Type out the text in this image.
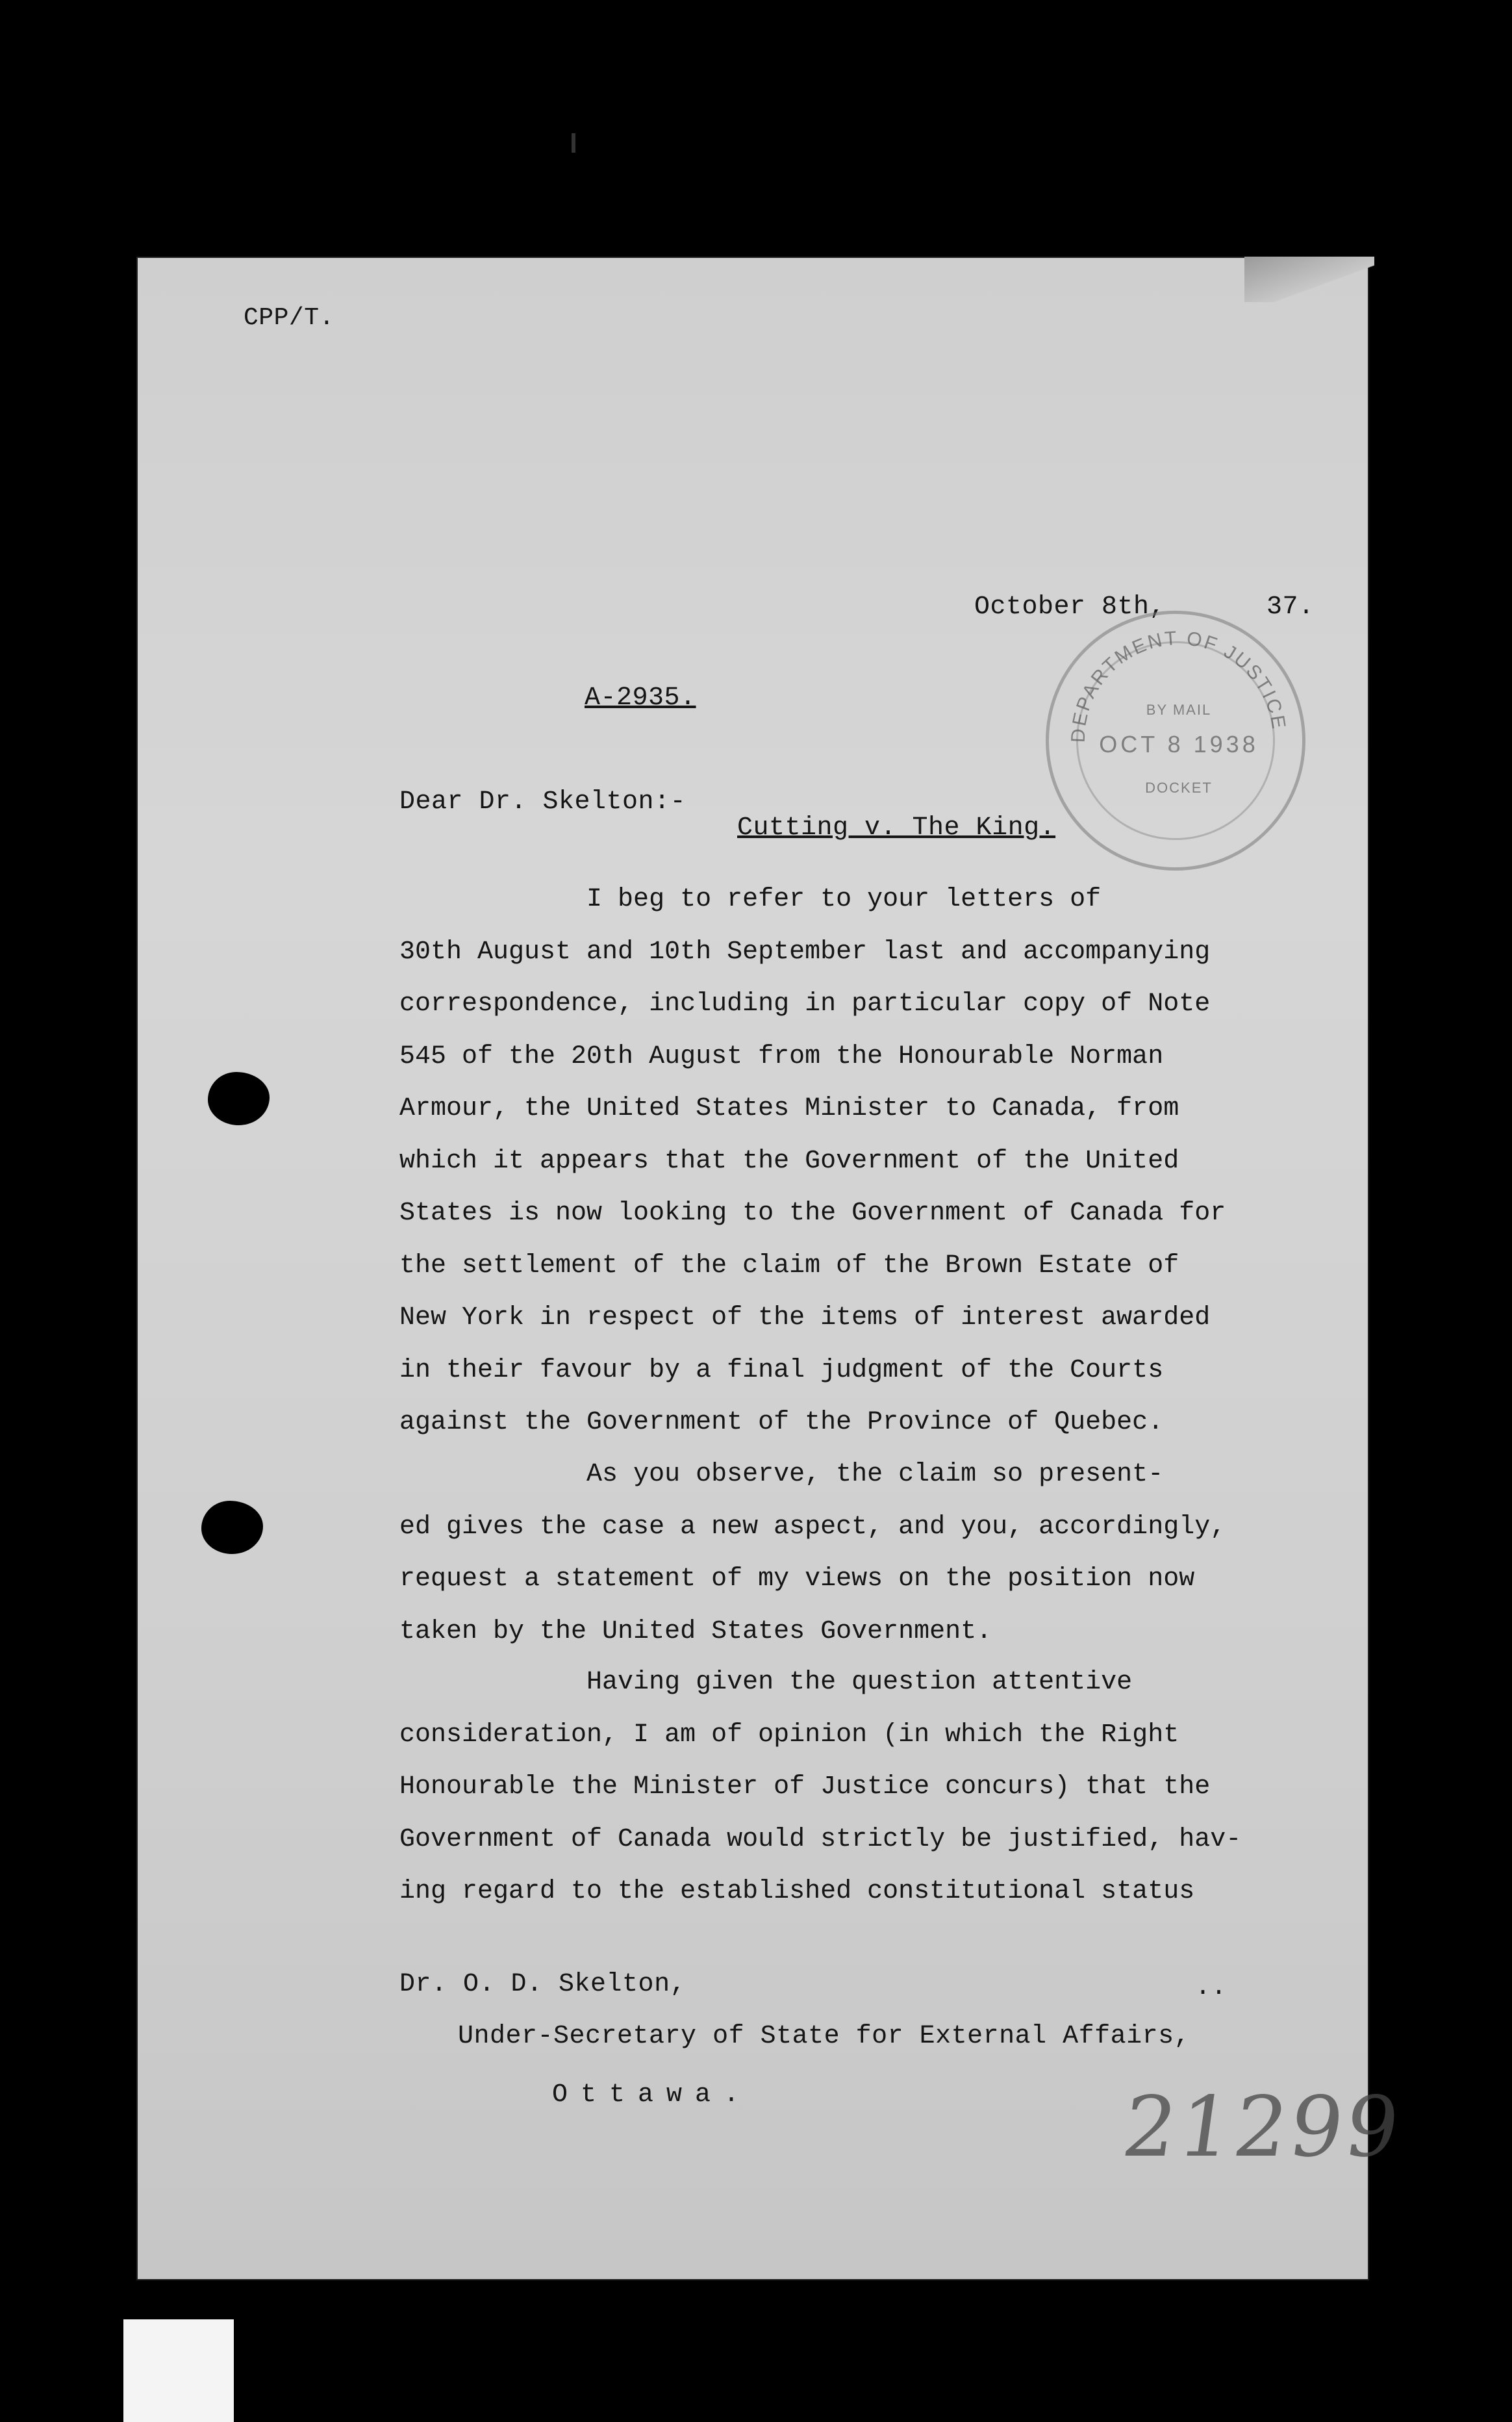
CPP/T.
October 8th,	37.
A-2935.
Dear Dr. Skelton:-
Cutting v. The King.
I beg to refer to your letters of
30th August and 10th September last and accompanying
correspondence, including in particular copy of Note
545 of the 20th August from the Honourable Norman
Armour, the United States Minister to Canada, from
which it appears that the Government of the United
States is now looking to the Government of Canada for
the settlement of the claim of the Brown Estate of
New York in respect of the items of interest awarded
in their favour by a final judgment of the Courts
against the Government of the Province of Quebec.
As you observe, the claim so present-
ed gives the case a new aspect, and you, accordingly,
request a statement of my views on the position now
taken by the United States Government.
Having given the question attentive
consideration, I am of opinion (in which the Right
Honourable the Minister of Justice concurs) that the
Government of Canada would strictly be justified, hav-
ing regard to the established constitutional status
Dr. O. D. Skelton,	..
Under-Secretary of State for External Affairs,
Ottawa.
DEPARTMENT OF JUSTICE
BY MAIL
OCT 8 1938
DOCKET
21299
